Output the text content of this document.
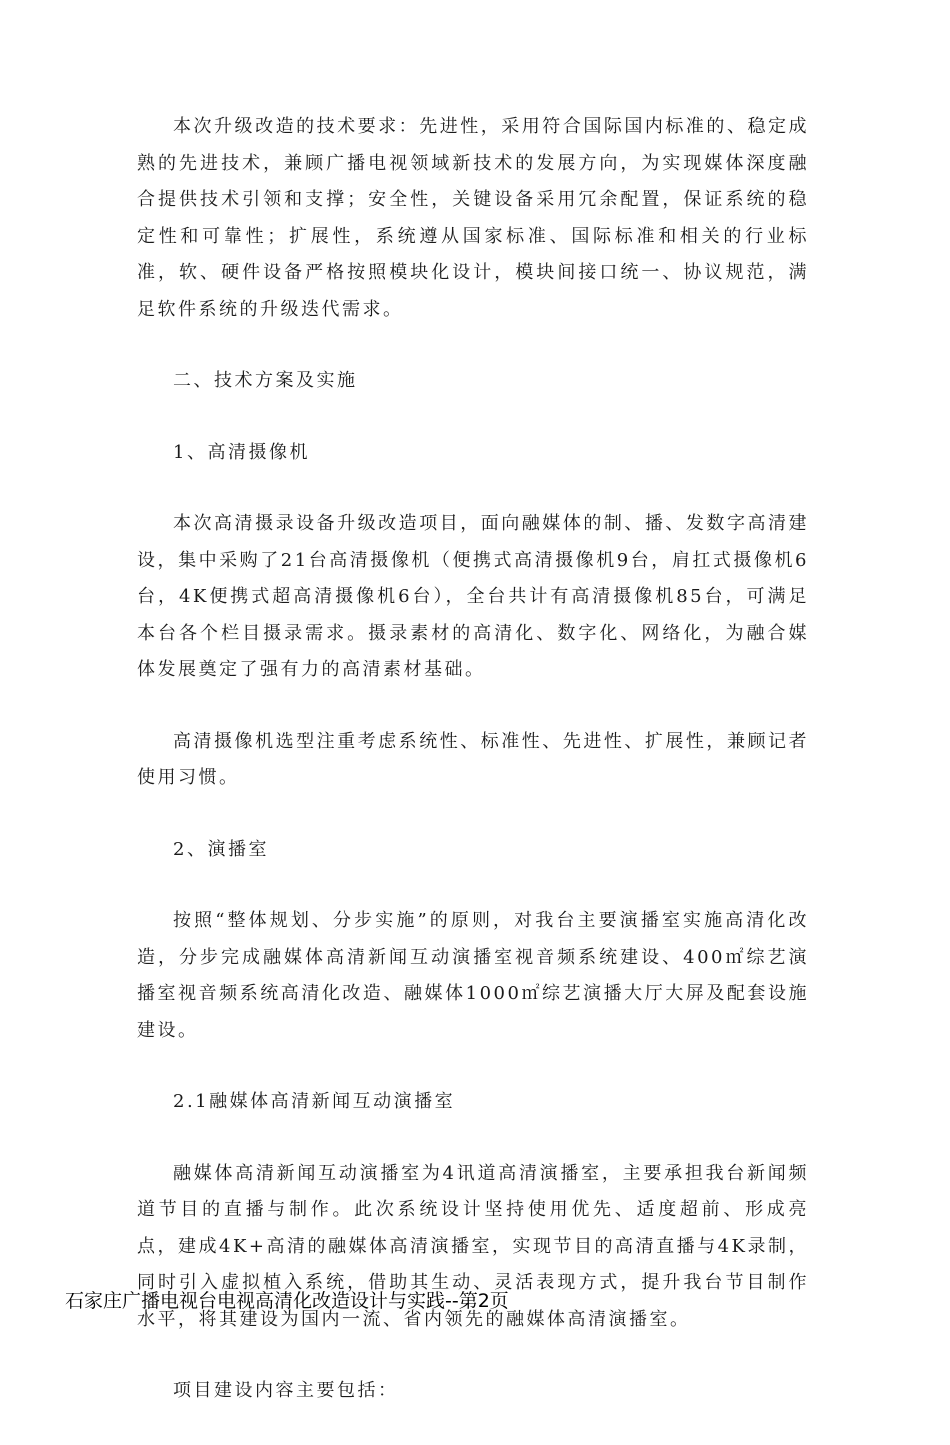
本次升级改造的技术要求：先进性，采用符合国际国内标准的、稳定成熟的先进技术，兼顾广播电视领域新技术的发展方向，为实现媒体深度融合提供技术引领和支撑；安全性，关键设备采用冗余配置，保证系统的稳定性和可靠性；扩展性，系统遵从国家标准、国际标准和相关的行业标准，软、硬件设备严格按照模块化设计，模块间接口统一、协议规范，满足软件系统的升级迭代需求。

二、技术方案及实施

1、高清摄像机

本次高清摄录设备升级改造项目，面向融媒体的制、播、发数字高清建设，集中采购了21台高清摄像机（便携式高清摄像机9台，肩扛式摄像机6台，4K便携式超高清摄像机6台），全台共计有高清摄像机85台，可满足本台各个栏目摄录需求。摄录素材的高清化、数字化、网络化，为融合媒体发展奠定了强有力的高清素材基础。

高清摄像机选型注重考虑系统性、标准性、先进性、扩展性，兼顾记者使用习惯。

2、演播室

按照“整体规划、分步实施”的原则，对我台主要演播室实施高清化改造，分步完成融媒体高清新闻互动演播室视音频系统建设、400㎡综艺演播室视音频系统高清化改造、融媒体1000㎡综艺演播大厅大屏及配套设施建设。

2.1融媒体高清新闻互动演播室

融媒体高清新闻互动演播室为4讯道高清演播室，主要承担我台新闻频道节目的直播与制作。此次系统设计坚持使用优先、适度超前、形成亮点，建成4K+高清的融媒体高清演播室，实现节目的高清直播与4K录制，同时引入虚拟植入系统，借助其生动、灵活表现方式，提升我台节目制作水平，将其建设为国内一流、省内领先的融媒体高清演播室。

项目建设内容主要包括：

石家庄广播电视台电视高清化改造设计与实践--第2页
